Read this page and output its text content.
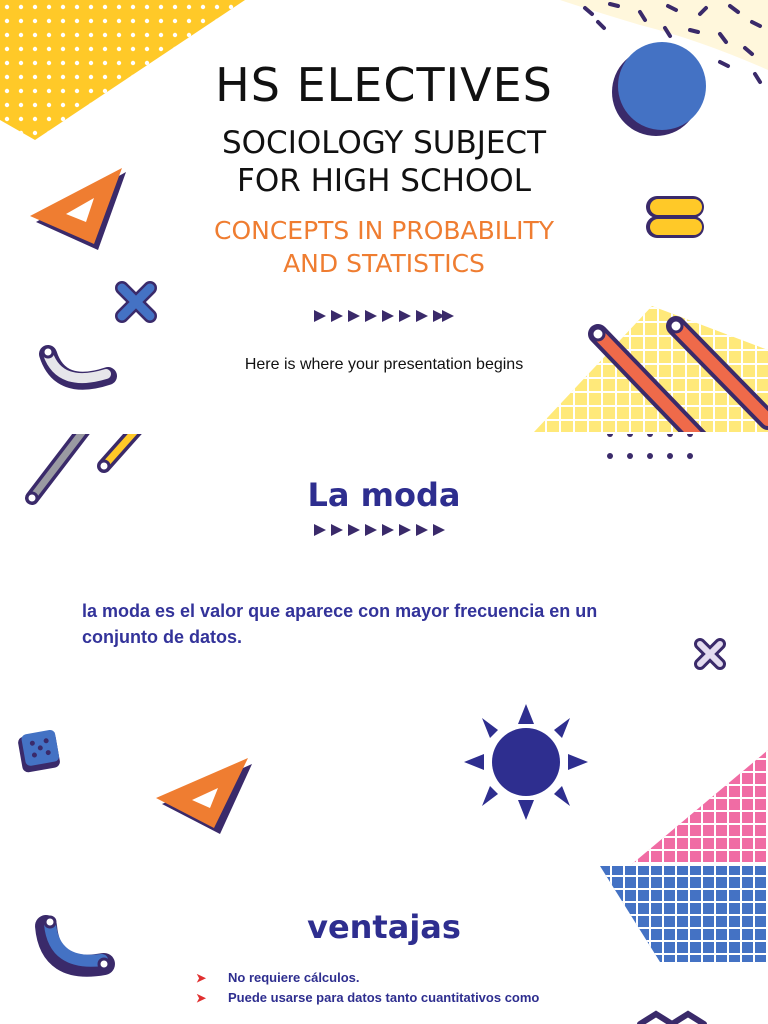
HS ELECTIVES
SOCIOLOGY SUBJECT
FOR HIGH SCHOOL
CONCEPTS IN PROBABILITY
AND STATISTICS
Here is where your presentation begins
La moda
la moda es el valor que aparece con mayor frecuencia en un conjunto de datos.
ventajas
➤ No requiere cálculos.
➤ Puede usarse para datos tanto cuantitativos como
